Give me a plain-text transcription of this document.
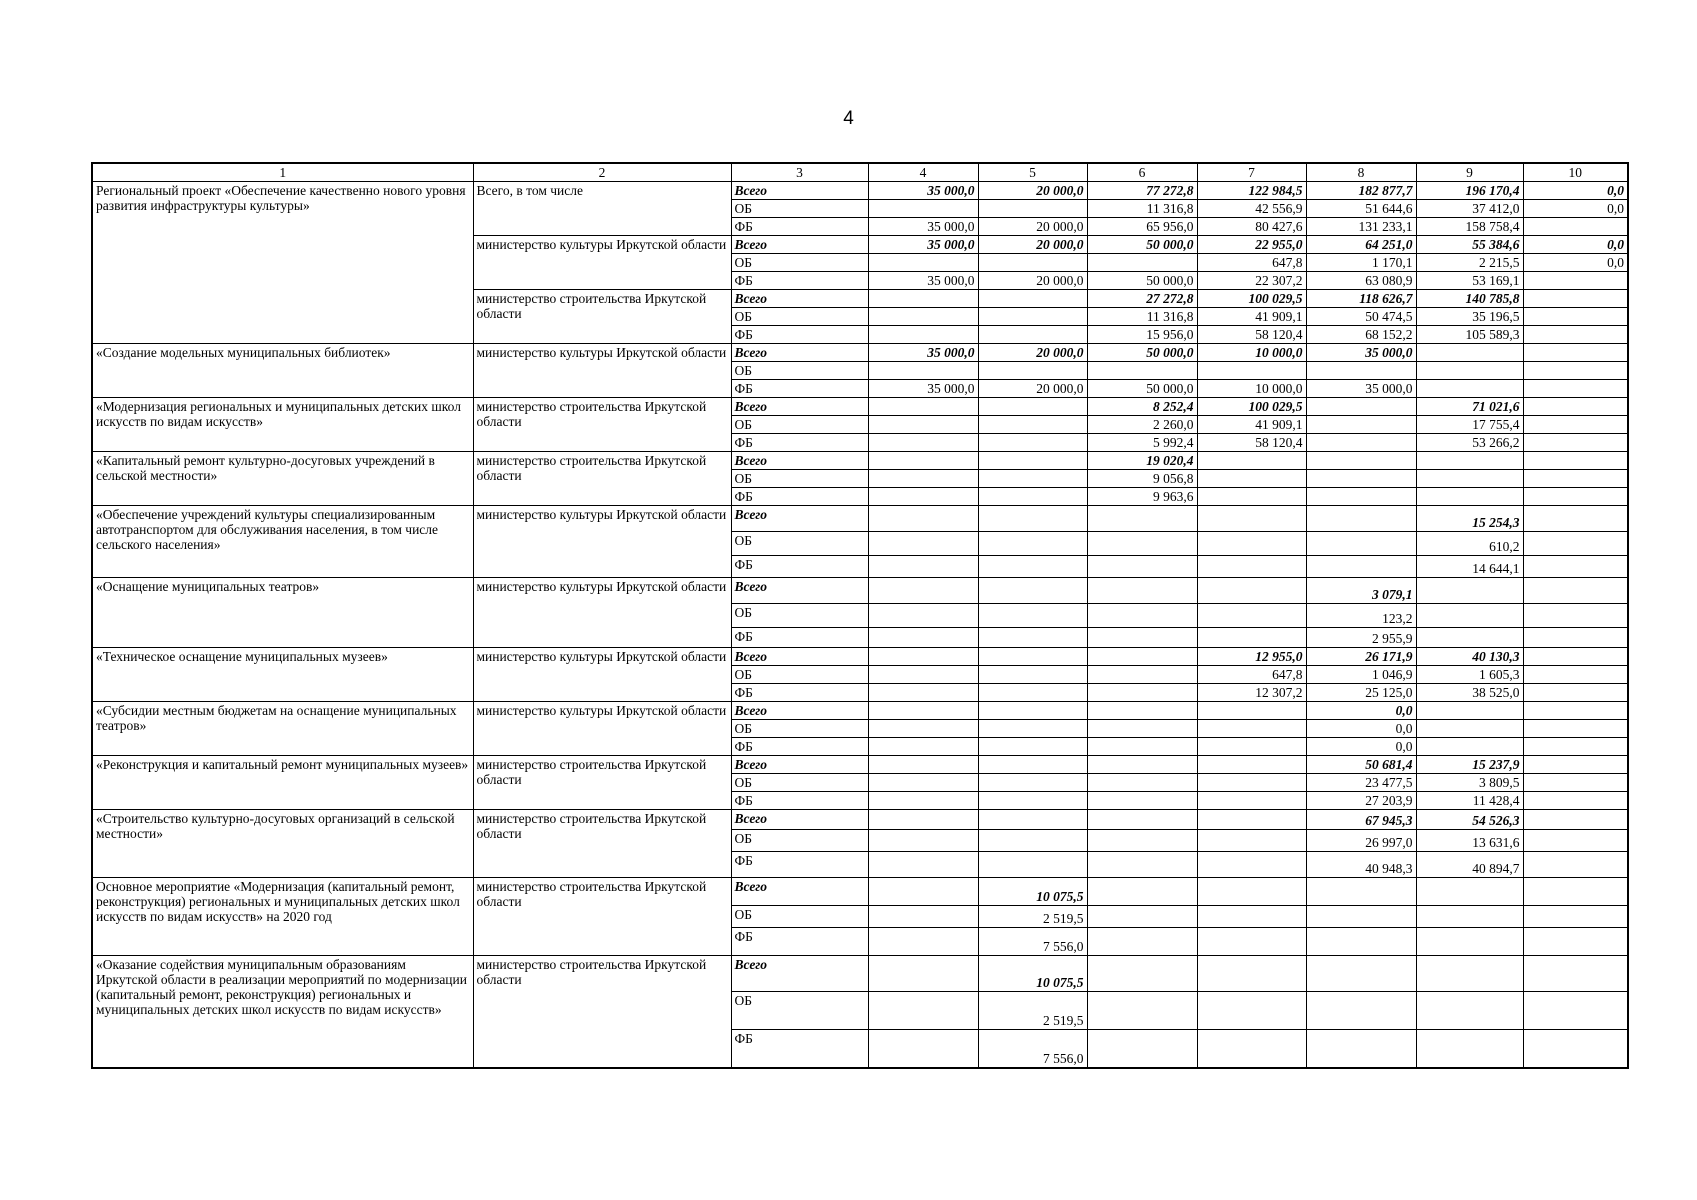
4
1	2	3	4	5	6	7	8	9	10
Региональный проект «Обеспечение качественно нового уровня развития инфраструктуры культуры»	Всего, в том числе	Всего	35 000,0	20 000,0	77 272,8	122 984,5	182 877,7	196 170,4	0,0
		ОБ			11 316,8	42 556,9	51 644,6	37 412,0	0,0
		ФБ	35 000,0	20 000,0	65 956,0	80 427,6	131 233,1	158 758,4	
	министерство культуры Иркутской области	Всего	35 000,0	20 000,0	50 000,0	22 955,0	64 251,0	55 384,6	0,0
		ОБ				647,8	1 170,1	2 215,5	0,0
		ФБ	35 000,0	20 000,0	50 000,0	22 307,2	63 080,9	53 169,1	
	министерство строительства Иркутской области	Всего			27 272,8	100 029,5	118 626,7	140 785,8	
		ОБ			11 316,8	41 909,1	50 474,5	35 196,5	
		ФБ			15 956,0	58 120,4	68 152,2	105 589,3	
«Создание модельных муниципальных библиотек»	министерство культуры Иркутской области	Всего	35 000,0	20 000,0	50 000,0	10 000,0	35 000,0		
		ОБ							
		ФБ	35 000,0	20 000,0	50 000,0	10 000,0	35 000,0		
«Модернизация региональных и муниципальных детских школ искусств по видам искусств»	министерство строительства Иркутской области	Всего			8 252,4	100 029,5		71 021,6	
		ОБ			2 260,0	41 909,1		17 755,4	
		ФБ			5 992,4	58 120,4		53 266,2	
«Капитальный ремонт культурно-досуговых учреждений в сельской местности»	министерство строительства Иркутской области	Всего			19 020,4				
		ОБ			9 056,8				
		ФБ			9 963,6				
«Обеспечение учреждений культуры специализированным автотранспортом для обслуживания населения, в том числе сельского населения»	министерство культуры Иркутской области	Всего						15 254,3	
		ОБ						610,2	
		ФБ						14 644,1	
«Оснащение муниципальных театров»	министерство культуры Иркутской области	Всего					3 079,1		
		ОБ					123,2		
		ФБ					2 955,9		
«Техническое оснащение муниципальных музеев»	министерство культуры Иркутской области	Всего				12 955,0	26 171,9	40 130,3	
		ОБ				647,8	1 046,9	1 605,3	
		ФБ				12 307,2	25 125,0	38 525,0	
«Субсидии местным бюджетам на оснащение муниципальных театров»	министерство культуры Иркутской области	Всего					0,0		
		ОБ					0,0		
		ФБ					0,0		
«Реконструкция и капитальный ремонт муниципальных музеев»	министерство строительства Иркутской области	Всего					50 681,4	15 237,9	
		ОБ					23 477,5	3 809,5	
		ФБ					27 203,9	11 428,4	
«Строительство культурно-досуговых организаций в сельской местности»	министерство строительства Иркутской области	Всего					67 945,3	54 526,3	
		ОБ					26 997,0	13 631,6	
		ФБ					40 948,3	40 894,7	
Основное мероприятие «Модернизация (капитальный ремонт, реконструкция) региональных и муниципальных детских школ искусств по видам искусств» на 2020 год	министерство строительства Иркутской области	Всего		10 075,5					
		ОБ		2 519,5					
		ФБ		7 556,0					
«Оказание содействия муниципальным образованиям Иркутской области в реализации мероприятий по модернизации (капитальный ремонт, реконструкция) региональных и муниципальных детских школ искусств по видам искусств»	министерство строительства Иркутской области	Всего		10 075,5					
		ОБ		2 519,5					
		ФБ		7 556,0					
